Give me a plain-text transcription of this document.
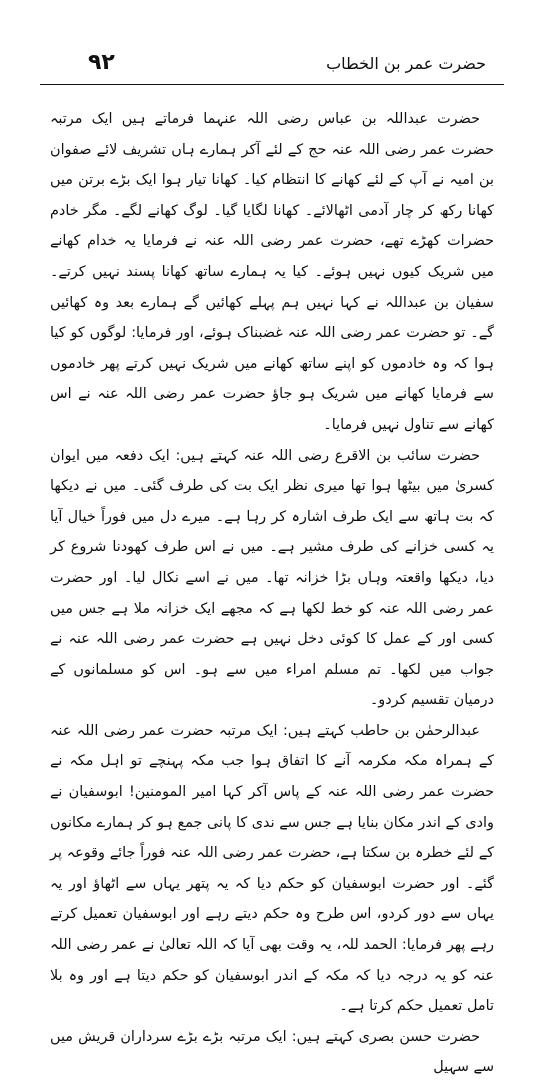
۹۲	حضرت عمر بن الخطاب

حضرت عبداللہ بن عباس رضی اللہ عنہما فرماتے ہیں ایک مرتبہ حضرت عمر رضی اللہ عنہ حج کے لئے آکر ہمارے ہاں تشریف لائے صفوان بن امیہ نے آپ کے لئے کھانے کا انتظام کیا۔ کھانا تیار ہوا ایک بڑے برتن میں کھانا رکھ کر چار آدمی اٹھالائے۔ کھانا لگایا گیا۔ لوگ کھانے لگے۔ مگر خادم حضرات کھڑے تھے، حضرت عمر رضی اللہ عنہ نے فرمایا یہ خدام کھانے میں شریک کیوں نہیں ہوئے۔ کیا یہ ہمارے ساتھ کھانا پسند نہیں کرتے۔ سفیان بن عبداللہ نے کہا نہیں ہم پہلے کھائیں گے ہمارے بعد وہ کھائیں گے۔ تو حضرت عمر رضی اللہ عنہ غضبناک ہوئے، اور فرمایا: لوگوں کو کیا ہوا کہ وہ خادموں کو اپنے ساتھ کھانے میں شریک نہیں کرتے پھر خادموں سے فرمایا کھانے میں شریک ہو جاؤ حضرت عمر رضی اللہ عنہ نے اس کھانے سے تناول نہیں فرمایا۔

حضرت سائب بن الاقرع رضی اللہ عنہ کہتے ہیں: ایک دفعہ میں ایوان کسریٰ میں بیٹھا ہوا تھا میری نظر ایک بت کی طرف گئی۔ میں نے دیکھا کہ بت ہاتھ سے ایک طرف اشارہ کر رہا ہے۔ میرے دل میں فوراً خیال آیا یہ کسی خزانے کی طرف مشیر ہے۔ میں نے اس طرف کھودنا شروع کر دیا، دیکھا واقعتہ وہاں بڑا خزانہ تھا۔ میں نے اسے نکال لیا۔ اور حضرت عمر رضی اللہ عنہ کو خط لکھا ہے کہ مجھے ایک خزانہ ملا ہے جس میں کسی اور کے عمل کا کوئی دخل نہیں ہے حضرت عمر رضی اللہ عنہ نے جواب میں لکھا۔ تم مسلم امراء میں سے ہو۔ اس کو مسلمانوں کے درمیان تقسیم کردو۔

عبدالرحمٰن بن حاطب کہتے ہیں: ایک مرتبہ حضرت عمر رضی اللہ عنہ کے ہمراہ مکہ مکرمہ آنے کا اتفاق ہوا جب مکہ پہنچے تو اہل مکہ نے حضرت عمر رضی اللہ عنہ کے پاس آکر کہا امیر المومنین! ابوسفیان نے وادی کے اندر مکان بنایا ہے جس سے ندی کا پانی جمع ہو کر ہمارے مکانوں کے لئے خطرہ بن سکتا ہے، حضرت عمر رضی اللہ عنہ فوراً جائے وقوعہ پر گئے۔ اور حضرت ابوسفیان کو حکم دیا کہ یہ پتھر یہاں سے اٹھاؤ اور یہ یہاں سے دور کردو، اس طرح وہ حکم دیتے رہے اور ابوسفیان تعمیل کرتے رہے پھر فرمایا: الحمد للہ، یہ وقت بھی آیا کہ اللہ تعالیٰ نے عمر رضی اللہ عنہ کو یہ درجہ دیا کہ مکہ کے اندر ابوسفیان کو حکم دیتا ہے اور وہ بلا تامل تعمیل حکم کرتا ہے۔

حضرت حسن بصری کہتے ہیں: ایک مرتبہ بڑے بڑے سرداران قریش میں سے سہیل
